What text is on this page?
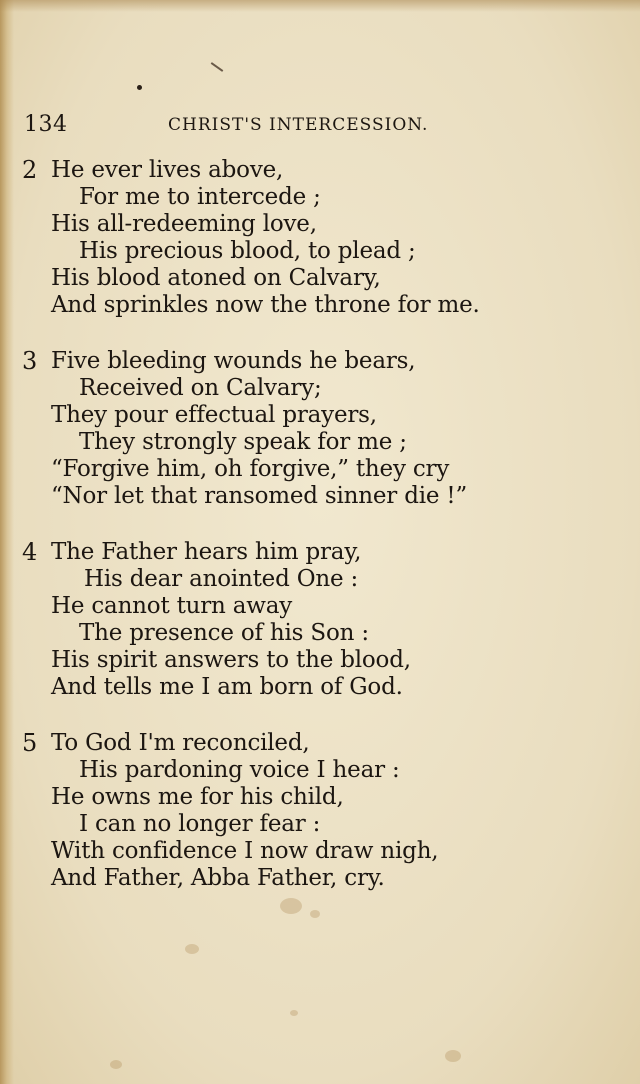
134	CHRIST'S INTERCESSION.
2 He ever lives above,
For me to intercede ;
His all-redeeming love,
His precious blood, to plead ;
His blood atoned on Calvary,
And sprinkles now the throne for me.
3 Five bleeding wounds he bears,
Received on Calvary;
They pour effectual prayers,
They strongly speak for me ;
“Forgive him, oh forgive,” they cry
“Nor let that ransomed sinner die !”
4 The Father hears him pray,
His dear anointed One :
He cannot turn away
The presence of his Son :
His spirit answers to the blood,
And tells me I am born of God.
5 To God I'm reconciled,
His pardoning voice I hear :
He owns me for his child,
I can no longer fear :
With confidence I now draw nigh,
And Father, Abba Father, cry.
